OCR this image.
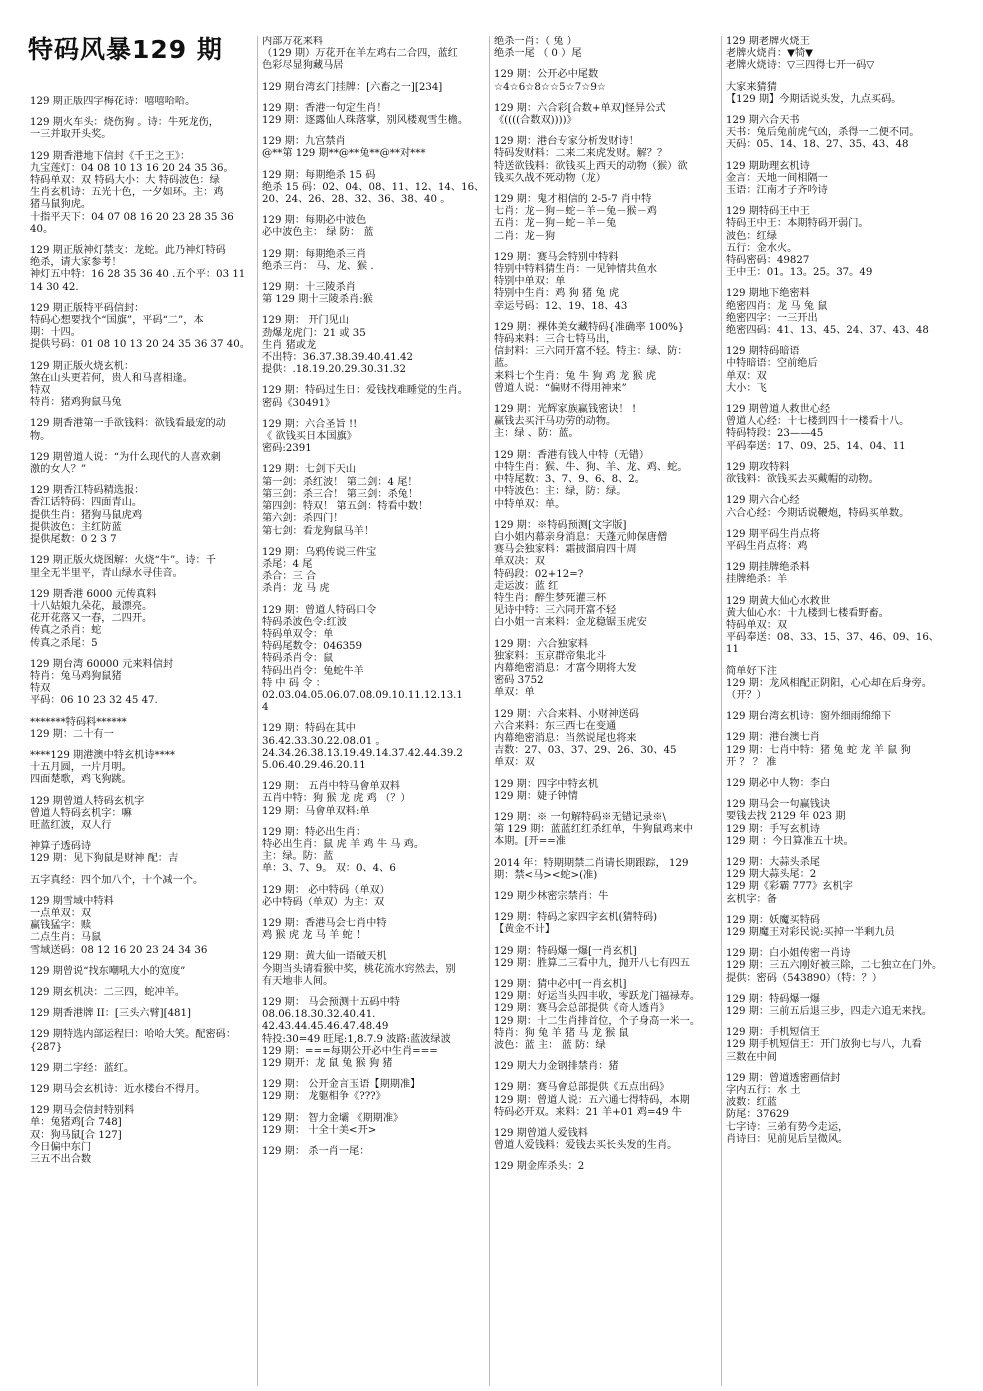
特码风暴129 期
129 期正版四字梅花诗：嘻嘻哈哈。
129 期火车头：烧伤狗 。诗：牛死龙伤，
一三并取开头奖。
129 期香港地下信封《千王之王》：
九宝莲灯：04 08 10 13 16 20 24 35 36。
特码单双：双 特码大小：大 特码波色：绿
生肖玄机诗：五光十色，一夕如环。主：鸡
猪马鼠狗虎。
十指平天下：04 07 08 16 20 23 28 35 36
40。
129 期正版神灯禁支：龙蛇。此乃神灯特码
绝杀，请大家参考！
神灯五中特：16 28 35 36 40 .五个平：03 11
14 30 42.
129 期正版特平码信封：
特码心想要找个“国旗”，平码“二”，本
期：十四。
提供号码：01 08 10 13 20 24 35 36 37 40。
129 期正版火烧玄机：
煞在山头更若何，贵人和马喜相逢。
特双
特肖：猪鸡狗鼠马兔
129 期香港第一手欲钱料：欲钱看最宠的动
物。
129 期曾道人说：“为什么现代的人喜欢刺
激的女人？”
129 期香江特码精选报：
香江话特码：四面青山。
提供生肖：猪狗马鼠虎鸡
提供波色：主红防蓝
提供尾数：0 2 3 7
129 期正版火烧图解：火烧“牛”。诗：千
里全无半里平，青山绿水寻佳音。
129 期香港 6000 元传真料
十八姑娘九朵花，最漂亮。
花开花落又一春，二四开。
传真之杀肖：蛇
传真之杀尾：5
129 期台湾 60000 元来料信封
特肖：兔马鸡狗鼠猪
特双
平码：06 10 23 32 45 47.
*******特码料******
129 期：二十有一
****129 期港澳中特玄机诗****
十五月圆，一片月明。
四面楚歌，鸡飞狗跳。
129 期曾道人特码玄机字
曾道人特码玄机字：嘛
旺蓝红波，双人行
神算子透码诗
129 期：见下狗鼠是财神 配：吉
五字真经：四个加八个，十个减一个。
129 期雪域中特料
一点单双：双
赢钱猛字：赎
二点生肖：马鼠
雪域送码：08 12 16 20 23 24 34 36
129 期曾说“找东嘲吼大小的宽度”
129 期玄机决：二三四，蛇冲羊。
129 期香港牌 II：[三头六臂][481]
129 期特选内部运程曰：哈哈大笑。配密码：
{287}
129 期二字经：蓝红。
129 期马会玄机诗：近水楼台不得月。
129 期马会信封特别料
单：兔猪鸡[合 748]
双：狗马鼠[合 127]
今日偏中东门
三五不出合数
内部万花来料
（129 期）万花开在羊左鸡右二合四，蓝红
色彩尽显狗藏马居
129 期台湾玄门挂牌：[六畜之一][234]
129 期：香港一句定生肖！
129 期：逐露仙人珠落掌，别风楼观雪生檐。
129 期：九宫禁肖
@**第 129 期**@**兔**@**对***
129 期：每期绝杀 15 码
绝杀 15 码：02、04、08、11、12、14、16、
20、24、26、28、32、36、38、40 。
129 期：每期必中波色
必中波色主： 绿 防： 蓝
129 期：每期绝杀三肖
绝杀三肖： 马、龙、猴 .
129 期：十三陵杀肖
第 129 期十三陵杀肖:猴
129 期： 开门见山
劲爆龙虎门：21 或 35
生肖 猪或龙
不出特：36.37.38.39.40.41.42
提供：.18.19.20.29.30.31.32
129 期：特码过生日：爱钱找难睡觉的生肖。
密码《30491》
129 期：六合圣旨 !!
《 欲钱买日本国旗》
密码:2391
129 期：七剑下天山
第一剑：杀红波！ 第二剑：4 尾！
第三剑：杀三合！ 第三剑：杀兔！
第四剑：特双！ 第五剑：特看中数！
第六剑：杀四门！
第七剑：看龙狗鼠马羊！
129 期：乌鸦传说三件宝
杀尾：4 尾
杀合：三 合
杀肖：龙 马 虎
129 期：曾道人特码口令
特码杀波色令:红波
特码单双令：单
特码尾数令：046359
特码杀肖令：鼠
特码出肖令：兔蛇牛羊
特 中 码 令 ：
02.03.04.05.06.07.08.09.10.11.12.13.1
4
129 期：特码在其中
36.42.33.30.22.08.01 。
24.34.26.38.13.19.49.14.37.42.44.39.2
5.06.40.29.46.20.11
129 期： 五肖中特马會单双料
五肖中特：狗 猴 龙 虎 鸡 （？）
129 期：马會单双料:单
129 期：特必出生肖：
特必出生肖：鼠 虎 羊 鸡 牛 马 鸡。
主：绿。防：蓝
单：3、7、9。 双：0、4、6
129 期： 必中特码（单双）
必中特码（单双）为主：双
129 期：香港马会七肖中特
鸡 猴 虎 龙 马 羊 蛇 ！
129 期：黄大仙一语破天机
今期当头请看猴中奖，桃花流水窍然去，别
有天地非人间。
129 期： 马会预测十五码中特
08.06.18.30.32.40.41.
42.43.44.45.46.47.48.49
特投:30=49 旺尾:1,8.7.9 波路:蓝波绿波
129 期：===每期公开必中生肖===
129 期开：龙 鼠 兔 猴 狗 猪
129 期： 公开金言玉语【期期准】
129 期： 龙躯相争《???》
129 期： 智力金壩 《期期准》
129 期： 十全十美<开>
129 期： 杀一肖一尾：
绝杀一肖：（ 兔 ）
绝杀一尾 （ 0 ）尾
129 期：公开必中尾数
☆4☆6☆8☆☆5☆7☆9☆
129 期：六合彩[合数+单双]怪异公式
《((((合数双))))》
129 期：港台专家分析发财诗！
特码发财料：二来二来虎发财。解？？
特送欲钱料：欲钱买上西天的动物（猴）欲
钱买久战不死动物（龙）
129 期：鬼才相信的 2-5-7 肖中特
七肖：龙－狗－蛇－羊－兔－猴－鸡
五肖：龙－狗－蛇－羊－兔
二肖：龙－狗
129 期：赛马会特别中特料
特别中特料猜生肖：一见钟情共鱼水
特别中单双：单
特别中生肖：鸡 狗 猪 兔 虎
幸运号码：12、19、18、43
129 期：裸体美女藏特码{准确率 100%}
特码来料：三合七特马出，
信封料：三六同开富不轻。特主：绿、防：
蓝。
来料七个生肖：兔 牛 狗 鸡 龙 猴 虎
曾道人说：“偏财不得用神来”
129 期：光辉家族赢钱密诀！ !
赢钱去买汗马功劳的动物。
主：绿 、防：蓝。
129 期：香港有钱人中特（无错）
中特生肖：猴、牛、狗、羊、龙、鸡、蛇。
中特尾数：3、7、9、6、8、2。
中特波色：主：绿，防：绿。
中特单双：单。
129 期：※特码预测[文字版]
白小姐内幕亲身消息：天蓬元帅保唐僧
赛马会独家料：霜披溜肩四十周
单双决：双
特码段：02+12=?
走运波：蓝 红
特生肖：醉生梦死灌三杯
见诗中特：三六同开富不轻
白小姐一言来料：金龙稳锯玉虎安
129 期：六合独家料
独家料：玉京群帝集北斗
内幕绝密消息：才富今期将大发
密码 3752
单双：单
129 期：六合来料、小财神送码
六合来料：东三西七在变通
内幕绝密消息：当然说尾也将来
吉数：27、03、37、29、26、30、45
单双：双
129 期：四字中特玄机
129 期：婕子钟情
129 期：※ 一句解特码※无错记录※\
第 129 期：蓝蓝红红杀红单，牛狗鼠鸡来中
本期。[开==准
2014 年：特期期禁二肖请长期跟踪， 129
期：禁<马><蛇>(准)
129 期少林密宗禁肖：牛
129 期：特码之家四字玄机(猜特码)
【黄金不计】
129 期：特码爆一爆[一肖玄机]
129 期：胜算二三看中九，抛开八七有四五
129 期：猜中必中[一肖玄机]
129 期：好运当头四丰收，零跃龙门福禄寿。
129 期：赛马会总部提供《奇人透肖》
129 期：十二生肖排首位，个子身高一米一。
特肖：狗 兔 羊 猪 马 龙 猴 鼠
波色：蓝 主： 蓝 防：绿
129 期大力金钢排禁肖：猪
129 期：赛马會总部提供《五点出码》
129 期：曾道人说：五六通七得特码，本期
特码必开双。来料：21 羊+01 鸡=49 牛
129 期曾道人爱钱料
曾道人爱钱料：爱钱去买长头发的生肖。
129 期金库杀头：2
129 期老牌火烧王
老牌火烧肖：▼犄▼
老牌火烧诗：▽三四得七开一码▽
大家来猜猜
【129 期】今期话说头发，九点买码。
129 期六合天书
天书：兔后兔前虎气凶，杀得一二便不同。
天码：05、14、18、27、35、43、48
129 期助理玄机诗
金言：天地一间相隔一
玉语：江南才子齐吟诗
129 期特码王中王
特码王中王：本期特码开弱门。
波色：红绿
五行：金水火。
特码密码：49827
王中王：01。13。25。37。49
129 期地下绝密料
绝密四肖：龙 马 兔 鼠
绝密四字：一三开出
绝密四码：41、13、45、24、37、43、48
129 期特码暗语
中特暗语：空前绝后
单双：双
大小：飞
129 期曾道人救世心经
曾道人心经：十七楼到四十一楼看十八。
特码特段：23——45
平码奉送：17、09、25、14、04、11
129 期攻特料
欲钱料：欲钱买去买戴帽的动物。
129 期六合心经
六合心经：今期话说鞭炮，特码买单数。
129 期平码生肖点将
平码生肖点将：鸡
129 期挂牌绝杀料
挂牌绝杀：羊
129 期黄大仙心水救世
黄大仙心水：十九楼到七楼看野畜。
特码单双：双
平码奉送：08、33、15、37、46、09、16、
11
简单好下注
129 期：龙风相配正阴阳，心心却在后身旁。
（开？）
129 期台湾玄机诗：窗外细雨绵绵下
129 期：港台澳七肖
129 期：七肖中特：猪 兔 蛇 龙 羊 鼠 狗
开 ？ ？ 准
129 期必中人物：李白
129 期马会一句赢钱诀
要钱去找 2129 年 023 期
129 期：手写玄机诗
129 期 ：今日算准五十块。
129 期：大蒜头杀尾
129 期大蒜头尾：2
129 期《彩霸 777》玄机字
玄机字：备
129 期：妖魔买特码
129 期魔王对彩民说:买掉一半剩九员
129 期：白小姐传密一肖诗
129 期：三五六刚好被三除，二七独立在门外。
提供：密码（543890）（特：？）
129 期：特码爆一爆
129 期：三前五后退三步，四走六追无来找。
129 期：手机短信王
129 期手机短信王：开门放狗七与八，九看
三数在中间
129 期：曾道透密画信封
字内五行：水 土
波数：红蓝
防尾：37629
七字诗：三弟有势今走运，
肖诗曰：见前见后呈微风。
